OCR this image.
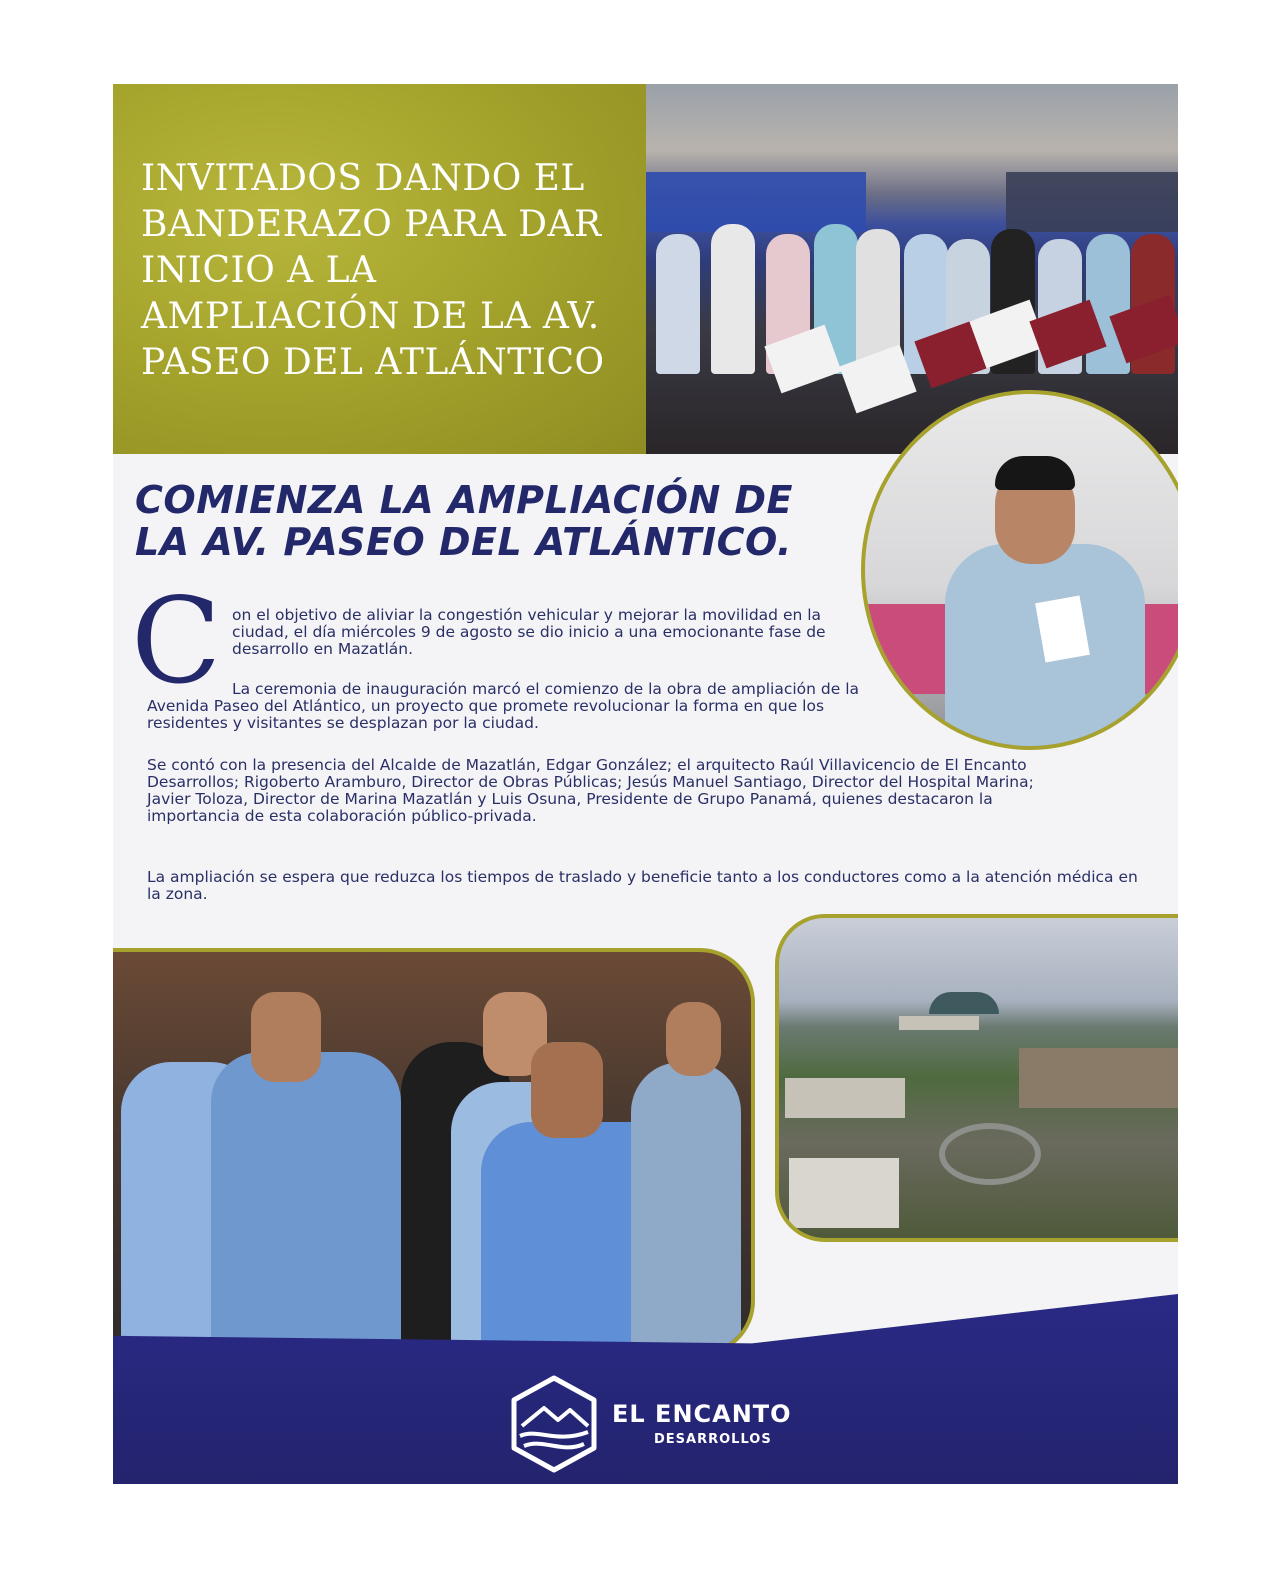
INVITADOS DANDO EL BANDERAZO PARA DAR INICIO A LA AMPLIACIÓN DE LA AV. PASEO DEL ATLÁNTICO
COMIENZA LA AMPLIACIÓN DE
LA AV. PASEO DEL ATLÁNTICO.
C on el objetivo de aliviar la congestión vehicular y mejorar la movilidad en la ciudad, el día miércoles 9 de agosto se dio inicio a una emocionante fase de desarrollo en Mazatlán.

La ceremonia de inauguración marcó el comienzo de la obra de ampliación de la Avenida Paseo del Atlántico, un proyecto que promete revolucionar la forma en que los residentes y visitantes se desplazan por la ciudad.

Se contó con la presencia del Alcalde de Mazatlán, Edgar González; el arquitecto Raúl Villavicencio de El Encanto Desarrollos; Rigoberto Aramburo, Director de Obras Públicas; Jesús Manuel Santiago, Director del Hospital Marina; Javier Toloza, Director de Marina Mazatlán y Luis Osuna, Presidente de Grupo Panamá, quienes destacaron la importancia de esta colaboración público-privada.

La ampliación se espera que reduzca los tiempos de traslado y beneficie tanto a los conductores como a la atención médica en la zona.

EL ENCANTO
DESARROLLOS
